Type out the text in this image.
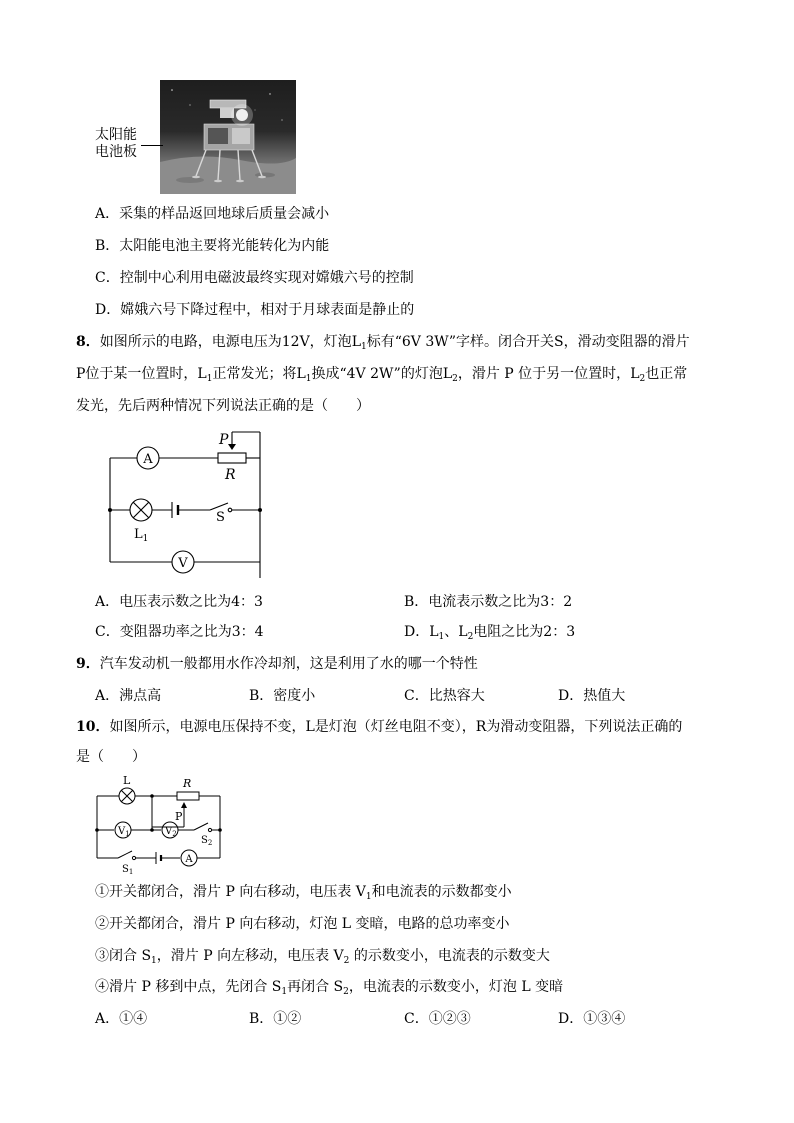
太阳能
电池板
A．采集的样品返回地球后质量会减小
B．太阳能电池主要将光能转化为内能
C．控制中心利用电磁波最终实现对嫦娥六号的控制
D．嫦娥六号下降过程中，相对于月球表面是静止的
8．如图所示的电路，电源电压为12V，灯泡$L_1$标有“6V 3W”字样。闭合开关S，滑动变阻器的滑片
P位于某一位置时，$L_1$正常发光；将$L_1$换成“4V 2W”的灯泡$L_2$，滑片 P 位于另一位置时，$L_2$也正常
发光，先后两种情况下列说法正确的是（　　）
A
V
P
R
S
$L_1$
A．电压表示数之比为4：3	B．电流表示数之比为3：2
C．变阻器功率之比为3：4	D．$L_1$、$L_2$电阻之比为2：3
9．汽车发动机一般都用水作冷却剂，这是利用了水的哪一个特性
A．沸点高	B．密度小	C．比热容大	D．热值大
10．如图所示，电源电压保持不变，L是灯泡（灯丝电阻不变），R为滑动变阻器，下列说法正确的
是（　　）
L	R
P
$V_1$	$V_2$
$S_2$
$S_1$
A
①开关都闭合，滑片 P 向右移动，电压表 $V_1$和电流表的示数都变小
②开关都闭合，滑片 P 向右移动，灯泡 L 变暗，电路的总功率变小
③闭合 $S_1$，滑片 P 向左移动，电压表 $V_2$ 的示数变小，电流表的示数变大
④滑片 P 移到中点，先闭合 $S_1$再闭合 $S_2$，电流表的示数变小，灯泡 L 变暗
A．①④	B．①②	C．①②③	D．①③④
